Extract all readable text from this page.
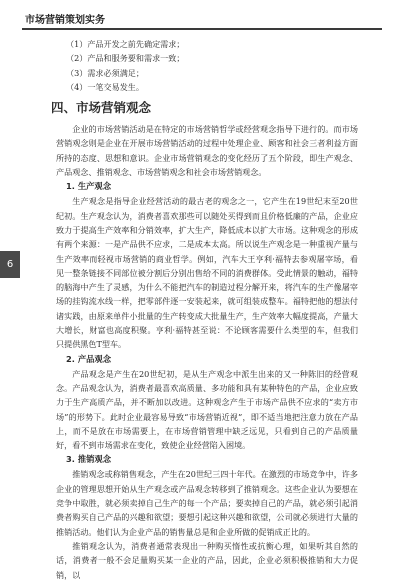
市场营销策划实务
6
（1）产品开发之前先确定需求；
（2）产品和服务要和需求一致；
（3）需求必须满足；
（4）一笔交易发生。
四、市场营销观念

企业的市场营销活动是在特定的市场营销哲学或经营观念指导下进行的。而市场营销观念则是企业在开展市场营销活动的过程中处理企业、顾客和社会三者利益方面所持的态度、思想和意识。企业市场营销观念的变化经历了五个阶段，即生产观念、产品观念、推销观念、市场营销观念和社会市场营销观念。

1. 生产观念

生产观念是指导企业经营活动的最古老的观念之一，它产生在19世纪末至20世纪初。生产观念认为，消费者喜欢那些可以随处买得到而且价格低廉的产品，企业应致力于提高生产效率和分销效率，扩大生产，降低成本以扩大市场。这种观念的形成有两个来源：一是产品供不应求，二是成本太高。所以说生产观念是一种重视产量与生产效率而轻视市场营销的商业哲学。例如，汽车大王亨利·福特去参观屠宰场，看见一整条链接不同部位被分割后分别出售给不同的消费群体。受此情景的触动，福特的脑海中产生了灵感，为什么不能把汽车的制造过程分解开来，将汽车的生产像屠宰场的挂钩流水线一样，把零部件逐一安装起来，就可组装成整车。福特把他的想法付诸实践，由原来单件小批量的生产转变成大批量生产，生产效率大幅度提高，产量大大增长，财富也高度积聚。亨利·福特甚至说：不论顾客需要什么类型的车，但我们只提供黑色T型车。

2. 产品观念

产品观念是产生在20世纪初，是从生产观念中派生出来的又一种陈旧的经营观念。产品观念认为，消费者最喜欢高质量、多功能和具有某种特色的产品，企业应致力于生产高质产品，并不断加以改进。这种观念产生于市场产品供不应求的“卖方市场”的形势下。此时企业最容易导致“市场营销近视”，即不适当地把注意力放在产品上，而不是放在市场需要上，在市场营销管理中缺乏远见，只看到自己的产品质量好，看不到市场需求在变化，致使企业经营陷入困境。

3. 推销观念

推销观念或称销售观念，产生在20世纪三四十年代。在激烈的市场竞争中，许多企业的管理思想开始从生产观念或产品观念转移到了推销观念。这些企业认为要想在竞争中取胜，就必须卖掉自己生产的每一个产品；要卖掉自己的产品，就必须引起消费者购买自己产品的兴趣和欲望；要想引起这种兴趣和欲望，公司就必须进行大量的推销活动。他们认为企业产品的销售量总是和企业所做的促销成正比的。

推销观念认为，消费者通常表现出一种购买惰性或抗衡心理，如果听其自然的话，消费者一般不会足量购买某一企业的产品，因此，企业必须积极推销和大力促销，以
